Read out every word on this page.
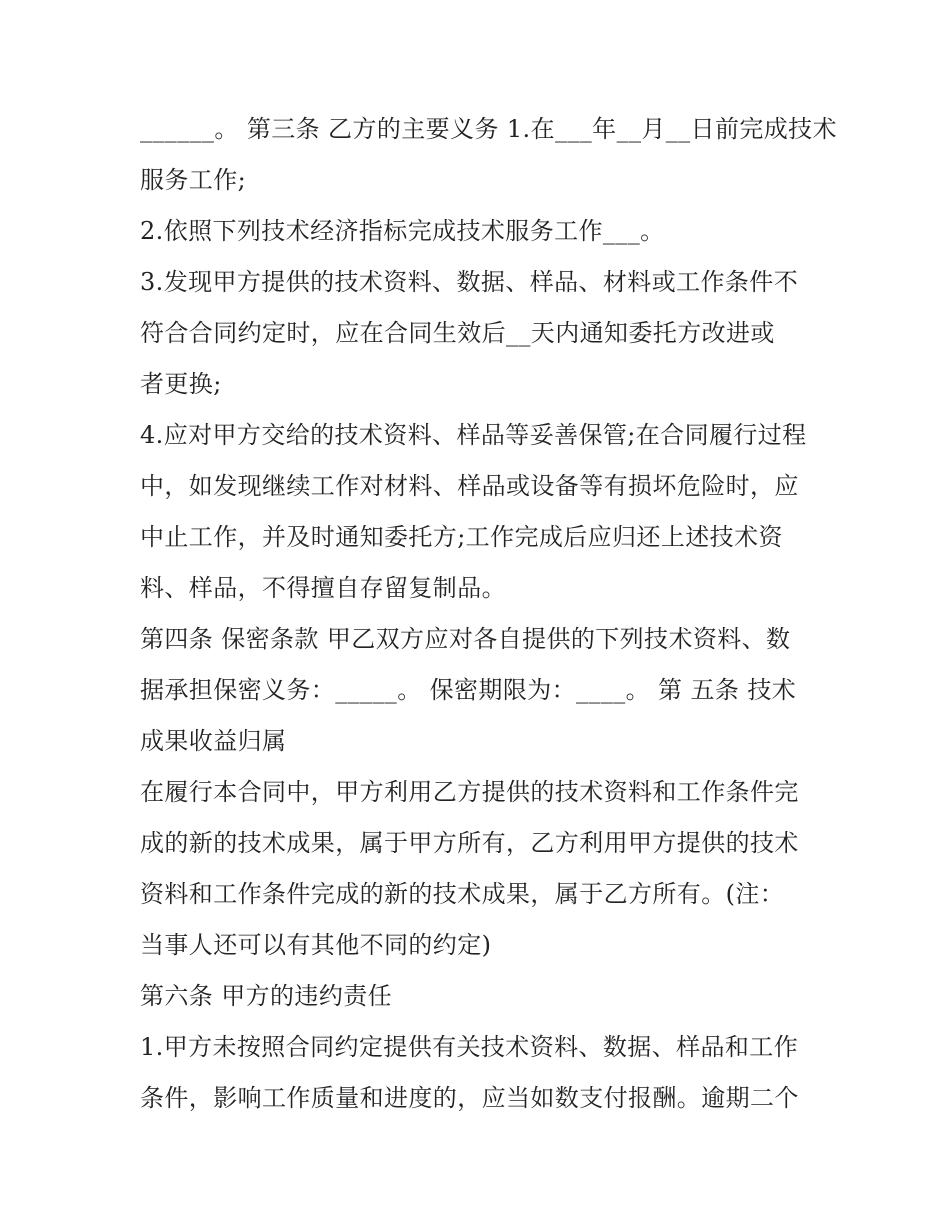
______。 第三条 乙方的主要义务 1.在___年__月__日前完成技术
服务工作;
2.依照下列技术经济指标完成技术服务工作___。
3.发现甲方提供的技术资料、数据、样品、材料或工作条件不
符合合同约定时，应在合同生效后__天内通知委托方改进或
者更换;
4.应对甲方交给的技术资料、样品等妥善保管;在合同履行过程
中，如发现继续工作对材料、样品或设备等有损坏危险时，应
中止工作，并及时通知委托方;工作完成后应归还上述技术资
料、样品，不得擅自存留复制品。
第四条 保密条款 甲乙双方应对各自提供的下列技术资料、数
据承担保密义务：_____。 保密期限为：____。 第 五条 技术
成果收益归属
在履行本合同中，甲方利用乙方提供的技术资料和工作条件完
成的新的技术成果，属于甲方所有，乙方利用甲方提供的技术
资料和工作条件完成的新的技术成果，属于乙方所有。(注：
当事人还可以有其他不同的约定)
第六条 甲方的违约责任
1.甲方未按照合同约定提供有关技术资料、数据、样品和工作
条件，影响工作质量和进度的，应当如数支付报酬。逾期二个
